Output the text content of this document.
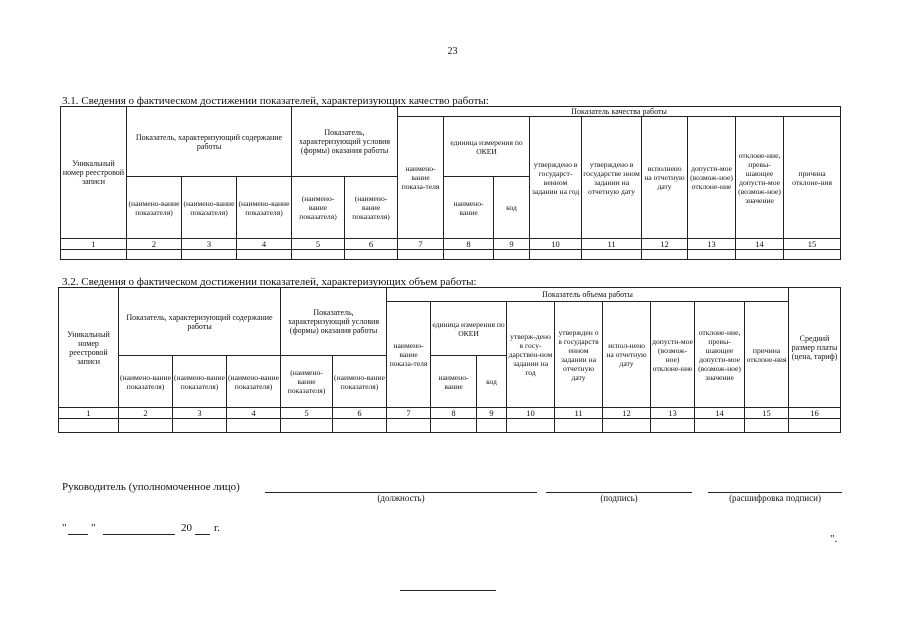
23
3.1. Сведения о фактическом достижении показателей, характеризующих качество работы:
Уникальный номер реестровой записи	Показатель, характеризующий содержание работы			Показатель, характеризующий условия (формы) оказания работы		Показатель качества работы								
						наимено-вание показа-теля	единица измерения по ОКЕИ		утверждено в государст-венном задании на год	утверждено в государстве нном задании на отчетную дату	исполнено на отчетную дату	допусти-мое (возмож-ное) отклоне-ние	отклоне-ние, превы-шающее допусти-мое (возмож-ное) значение	причина отклоне-ния
	(наимено-вание показателя)	(наимено-вание показателя)	(наимено-вание показателя)	(наимено-вание показателя)	(наимено-вание показателя)		наимено-вание	код						
1	2	3	4	5	6	7	8	9	10	11	12	13	14	15

3.2. Сведения о фактическом достижении показателей, характеризующих объем работы:
Уникальный номер реестровой записи	Показатель, характеризующий содержание работы			Показатель, характеризующий условия (формы) оказания работы		Показатель объема работы									Средний размер платы (цена, тариф)
						наимено-вание показа-теля	единица измерения по ОКЕИ		утверж-дено в госу-дарствен-ном задании на год	утвержден о в государств енном задании на отчетную дату	испол-нено на отчетную дату	допусти-мое (возмож-ное) отклоне-ние	отклоне-ние, превы-шающее допусти-мое (возмож-ное) значение	причина отклоне-ния	
	(наимено-вание показателя)	(наимено-вание показателя)	(наимено-вание показателя)	(наимено-вание показателя)	(наимено-вание показателя)		наимено-вание	код							
1	2	3	4	5	6	7	8	9	10	11	12	13	14	15	16

Руководитель (уполномоченное лицо)
(должность)	(подпись)	(расшифровка подписи)
" "	20 г.
".
